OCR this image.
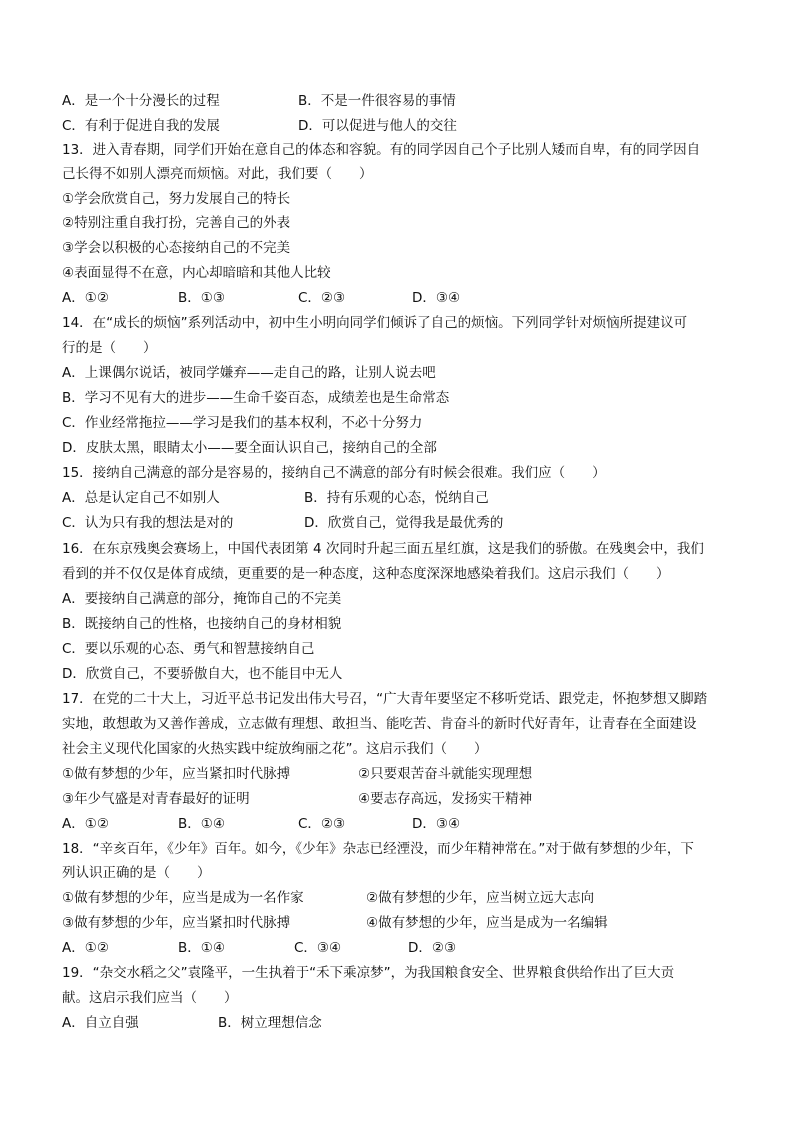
A．是一个十分漫长的过程	B．不是一件很容易的事情
C．有利于促进自我的发展	D．可以促进与他人的交往
13．进入青春期，同学们开始在意自己的体态和容貌。有的同学因自己个子比别人矮而自卑，有的同学因自
己长得不如别人漂亮而烦恼。对此，我们要（　　）
①学会欣赏自己，努力发展自己的特长
②特别注重自我打扮，完善自己的外表
③学会以积极的心态接纳自己的不完美
④表面显得不在意，内心却暗暗和其他人比较
A．①②	B．①③	C．②③	D．③④
14．在“成长的烦恼”系列活动中，初中生小明向同学们倾诉了自己的烦恼。下列同学针对烦恼所提建议可
行的是（　　）
A．上课偶尔说话，被同学嫌弃——走自己的路，让别人说去吧
B．学习不见有大的进步——生命千姿百态，成绩差也是生命常态
C．作业经常拖拉——学习是我们的基本权利，不必十分努力
D．皮肤太黑，眼睛太小——要全面认识自己，接纳自己的全部
15．接纳自己满意的部分是容易的，接纳自己不满意的部分有时候会很难。我们应（　　）
A．总是认定自己不如别人	B．持有乐观的心态，悦纳自己
C．认为只有我的想法是对的	D．欣赏自己，觉得我是最优秀的
16．在东京残奥会赛场上，中国代表团第 4 次同时升起三面五星红旗，这是我们的骄傲。在残奥会中，我们
看到的并不仅仅是体育成绩，更重要的是一种态度，这种态度深深地感染着我们。这启示我们（　　）
A．要接纳自己满意的部分，掩饰自己的不完美
B．既接纳自己的性格，也接纳自己的身材相貌
C．要以乐观的心态、勇气和智慧接纳自己
D．欣赏自己，不要骄傲自大，也不能目中无人
17．在党的二十大上，习近平总书记发出伟大号召，“广大青年要坚定不移听党话、跟党走，怀抱梦想又脚踏
实地，敢想敢为又善作善成，立志做有理想、敢担当、能吃苦、肯奋斗的新时代好青年，让青春在全面建设
社会主义现代化国家的火热实践中绽放绚丽之花”。这启示我们（　　）
①做有梦想的少年，应当紧扣时代脉搏	②只要艰苦奋斗就能实现理想
③年少气盛是对青春最好的证明	④要志存高远，发扬实干精神
A．①②	B．①④	C．②③	D．③④
18．“辛亥百年，《少年》百年。如今，《少年》杂志已经湮没，而少年精神常在。”对于做有梦想的少年，下
列认识正确的是（　　）
①做有梦想的少年，应当是成为一名作家	②做有梦想的少年，应当树立远大志向
③做有梦想的少年，应当紧扣时代脉搏	④做有梦想的少年，应当是成为一名编辑
A．①②	B．①④	C．③④	D．②③
19．“杂交水稻之父”袁隆平，一生执着于“禾下乘凉梦”，为我国粮食安全、世界粮食供给作出了巨大贡
献。这启示我们应当（　　）
A．自立自强	B．树立理想信念
